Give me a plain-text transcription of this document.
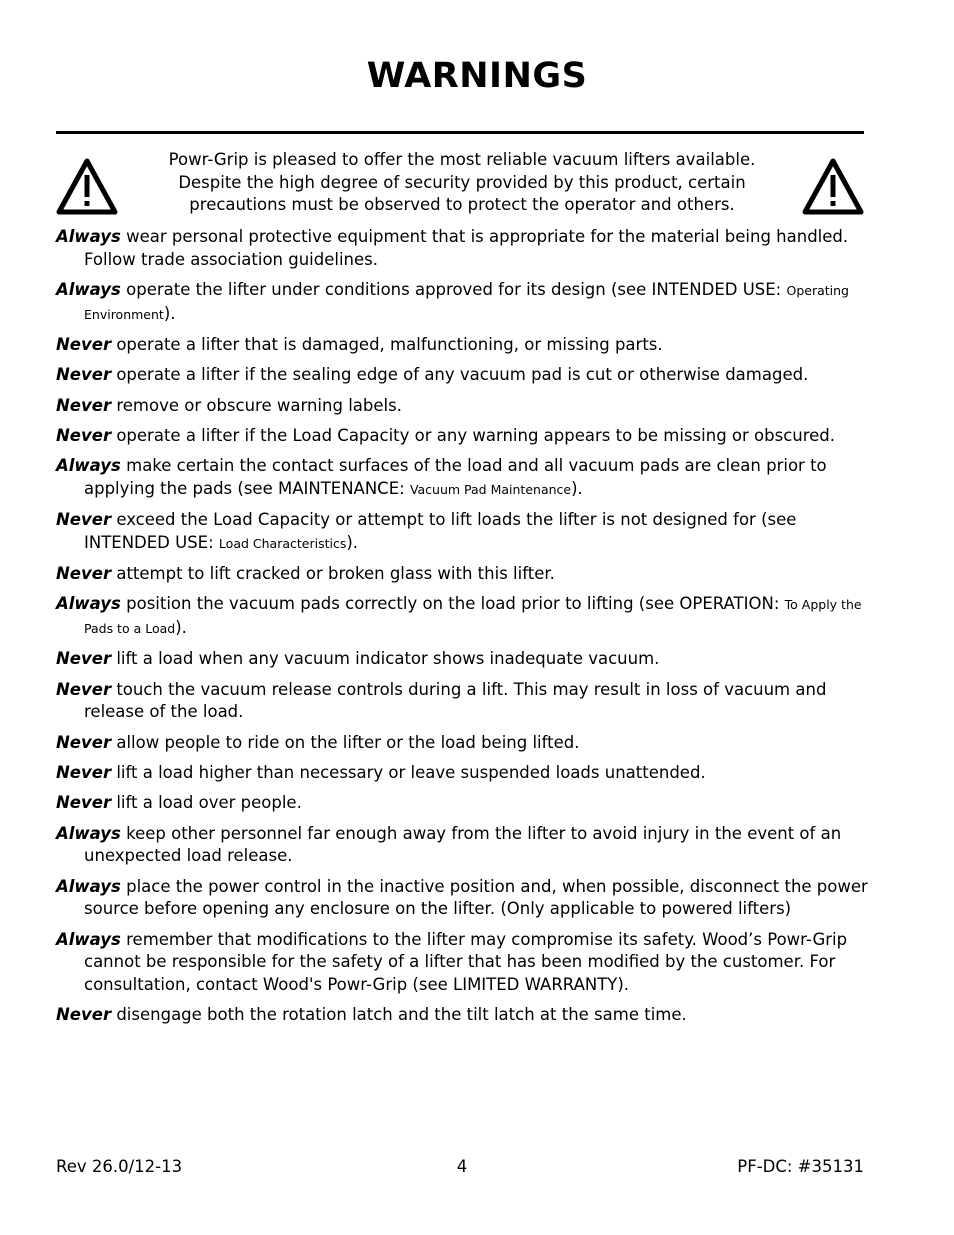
WARNINGS
Powr-Grip is pleased to offer the most reliable vacuum lifters available.
Despite the high degree of security provided by this product, certain
precautions must be observed to protect the operator and others.
Always wear personal protective equipment that is appropriate for the material being handled. Follow trade association guidelines.
Always operate the lifter under conditions approved for its design (see INTENDED USE: Operating Environment).
Never operate a lifter that is damaged, malfunctioning, or missing parts.
Never operate a lifter if the sealing edge of any vacuum pad is cut or otherwise damaged.
Never remove or obscure warning labels.
Never operate a lifter if the Load Capacity or any warning appears to be missing or obscured.
Always make certain the contact surfaces of the load and all vacuum pads are clean prior to applying the pads (see MAINTENANCE: Vacuum Pad Maintenance).
Never exceed the Load Capacity or attempt to lift loads the lifter is not designed for (see INTENDED USE: Load Characteristics).
Never attempt to lift cracked or broken glass with this lifter.
Always position the vacuum pads correctly on the load prior to lifting (see OPERATION: To Apply the Pads to a Load).
Never lift a load when any vacuum indicator shows inadequate vacuum.
Never touch the vacuum release controls during a lift. This may result in loss of vacuum and release of the load.
Never allow people to ride on the lifter or the load being lifted.
Never lift a load higher than necessary or leave suspended loads unattended.
Never lift a load over people.
Always keep other personnel far enough away from the lifter to avoid injury in the event of an unexpected load release.
Always place the power control in the inactive position and, when possible, disconnect the power source before opening any enclosure on the lifter. (Only applicable to powered lifters)
Always remember that modifications to the lifter may compromise its safety. Wood’s Powr-Grip cannot be responsible for the safety of a lifter that has been modified by the customer. For consultation, contact Wood's Powr-Grip (see LIMITED WARRANTY).
Never disengage both the rotation latch and the tilt latch at the same time.
Rev 26.0/12-13	4	PF-DC: #35131
